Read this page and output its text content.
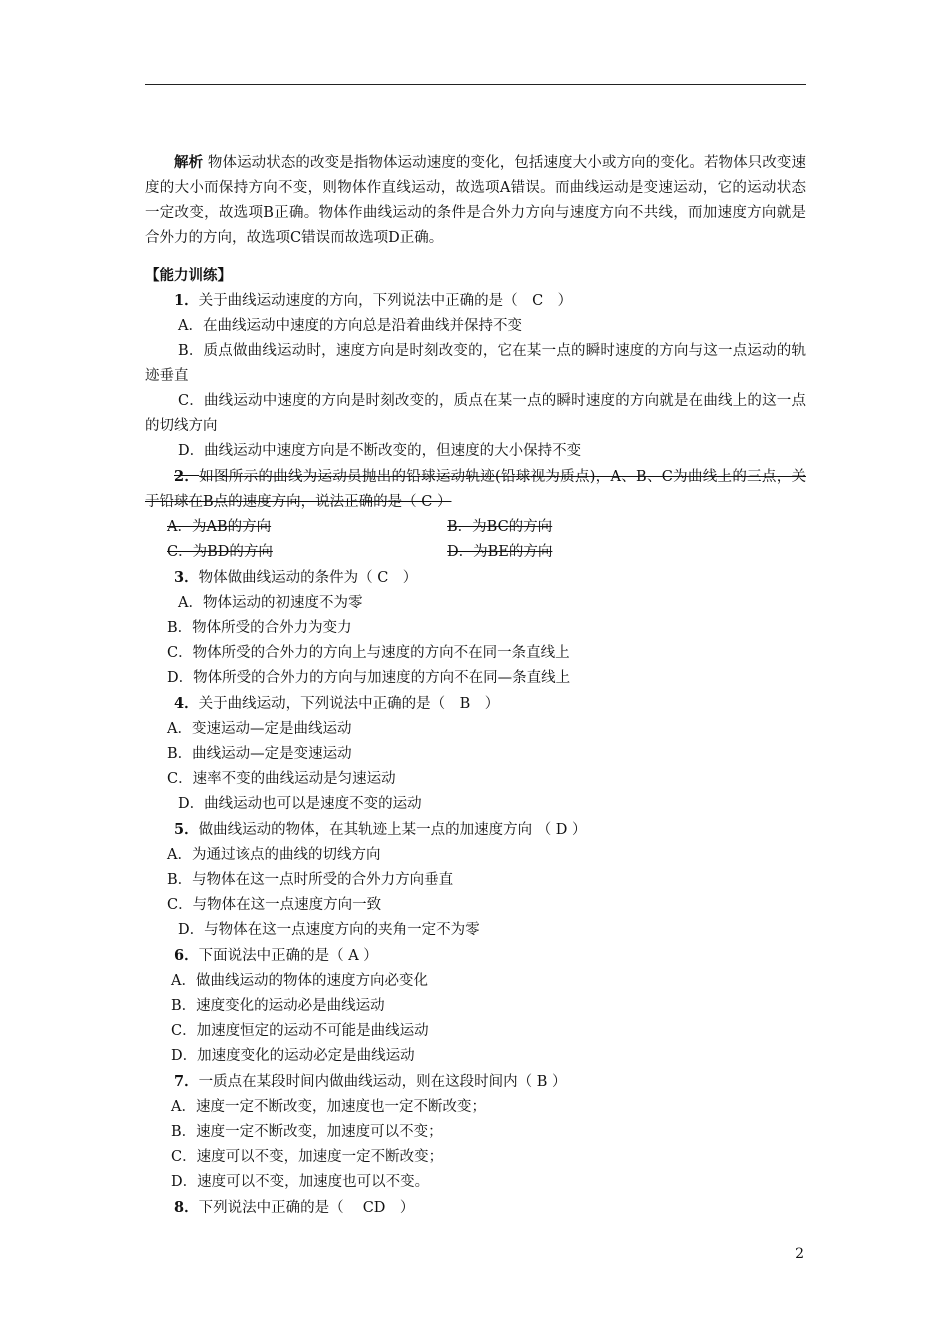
解析 物体运动状态的改变是指物体运动速度的变化，包括速度大小或方向的变化。若物体只改变速度的大小而保持方向不变，则物体作直线运动，故选项A错误。而曲线运动是变速运动，它的运动状态一定改变，故选项B正确。物体作曲线运动的条件是合外力方向与速度方向不共线，而加速度方向就是合外力的方向，故选项C错误而故选项D正确。

【能力训练】
1．关于曲线运动速度的方向，下列说法中正确的是（　C　）
A．在曲线运动中速度的方向总是沿着曲线并保持不变
B．质点做曲线运动时，速度方向是时刻改变的，它在某一点的瞬时速度的方向与这一点运动的轨迹垂直
C．曲线运动中速度的方向是时刻改变的，质点在某一点的瞬时速度的方向就是在曲线上的这一点的切线方向
D．曲线运动中速度方向是不断改变的，但速度的大小保持不变
2．如图所示的曲线为运动员抛出的铅球运动轨迹(铅球视为质点)，A、B、C为曲线上的三点，关于铅球在B点的速度方向，说法正确的是（ C ）
A．为AB的方向	B．为BC的方向
C．为BD的方向	D．为BE的方向
3．物体做曲线运动的条件为（ C　）
A．物体运动的初速度不为零
B．物体所受的合外力为变力
C．物体所受的合外力的方向上与速度的方向不在同一条直线上
D．物体所受的合外力的方向与加速度的方向不在同—条直线上
4．关于曲线运动，下列说法中正确的是（　B　）
A．变速运动—定是曲线运动
B．曲线运动—定是变速运动
C．速率不变的曲线运动是匀速运动
D．曲线运动也可以是速度不变的运动
5．做曲线运动的物体，在其轨迹上某一点的加速度方向 （ D ）
A．为通过该点的曲线的切线方向
B．与物体在这一点时所受的合外力方向垂直
C．与物体在这一点速度方向一致
D．与物体在这一点速度方向的夹角一定不为零
6．下面说法中正确的是（ A ）
A．做曲线运动的物体的速度方向必变化
B．速度变化的运动必是曲线运动
C．加速度恒定的运动不可能是曲线运动
D．加速度变化的运动必定是曲线运动
7．一质点在某段时间内做曲线运动，则在这段时间内（ B ）
A．速度一定不断改变，加速度也一定不断改变；
B．速度一定不断改变，加速度可以不变；
C．速度可以不变，加速度一定不断改变；
D．速度可以不变，加速度也可以不变。
8．下列说法中正确的是（　 CD　）
2
